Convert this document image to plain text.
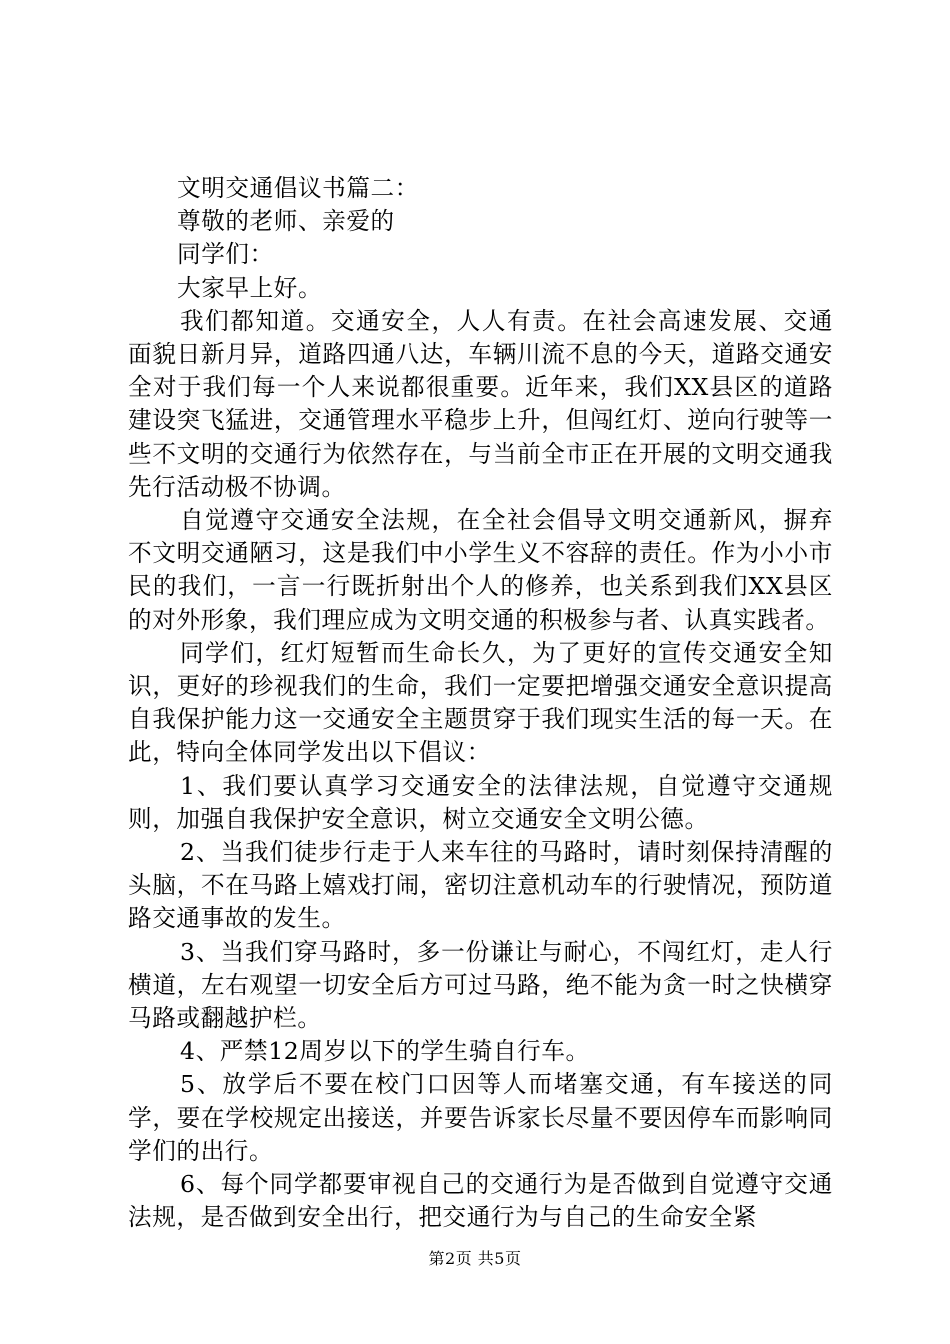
文明交通倡议书篇二：

尊敬的老师、亲爱的

同学们：

大家早上好。

我们都知道。交通安全，人人有责。在社会高速发展、交通面貌日新月异，道路四通八达，车辆川流不息的今天，道路交通安全对于我们每一个人来说都很重要。近年来，我们XX县区的道路建设突飞猛进，交通管理水平稳步上升，但闯红灯、逆向行驶等一些不文明的交通行为依然存在，与当前全市正在开展的文明交通我先行活动极不协调。

自觉遵守交通安全法规，在全社会倡导文明交通新风，摒弃不文明交通陋习，这是我们中小学生义不容辞的责任。作为小小市民的我们，一言一行既折射出个人的修养，也关系到我们XX县区的对外形象，我们理应成为文明交通的积极参与者、认真实践者。

同学们，红灯短暂而生命长久，为了更好的宣传交通安全知识，更好的珍视我们的生命，我们一定要把增强交通安全意识提高自我保护能力这一交通安全主题贯穿于我们现实生活的每一天。在此，特向全体同学发出以下倡议：

1、我们要认真学习交通安全的法律法规，自觉遵守交通规则，加强自我保护安全意识，树立交通安全文明公德。

2、当我们徒步行走于人来车往的马路时，请时刻保持清醒的头脑，不在马路上嬉戏打闹，密切注意机动车的行驶情况，预防道路交通事故的发生。

3、当我们穿马路时，多一份谦让与耐心，不闯红灯，走人行横道，左右观望一切安全后方可过马路，绝不能为贪一时之快横穿马路或翻越护栏。

4、严禁12周岁以下的学生骑自行车。

5、放学后不要在校门口因等人而堵塞交通，有车接送的同学，要在学校规定出接送，并要告诉家长尽量不要因停车而影响同学们的出行。

6、每个同学都要审视自己的交通行为是否做到自觉遵守交通法规，是否做到安全出行，把交通行为与自己的生命安全紧

第2页 共5页
